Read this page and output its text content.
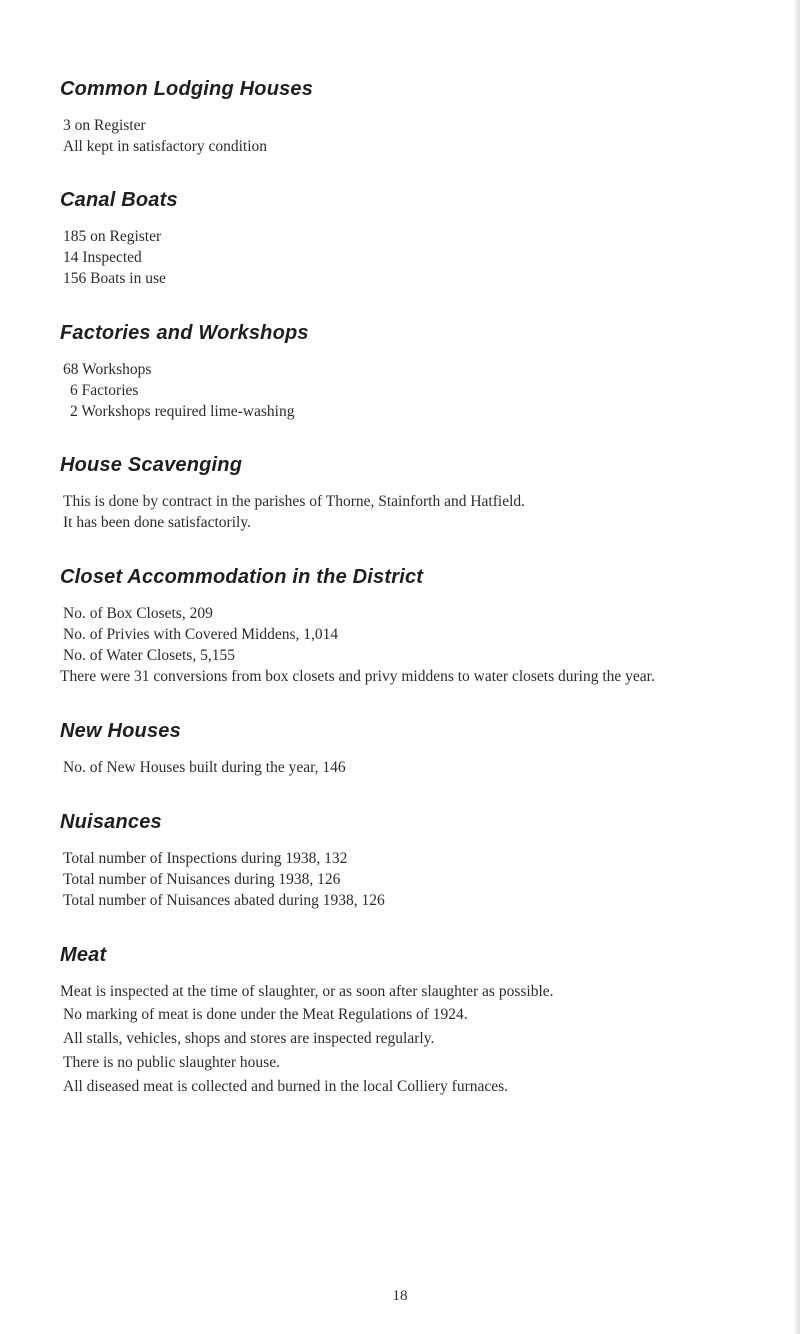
Common Lodging Houses
3 on Register
All kept in satisfactory condition
Canal Boats
185 on Register
14 Inspected
156 Boats in use
Factories and Workshops
68 Workshops
6 Factories
2 Workshops required lime-washing
House Scavenging
This is done by contract in the parishes of Thorne, Stainforth and Hatfield.
It has been done satisfactorily.
Closet Accommodation in the District
No. of Box Closets, 209
No. of Privies with Covered Middens, 1,014
No. of Water Closets, 5,155
There were 31 conversions from box closets and privy middens to water closets during the year.
New Houses
No. of New Houses built during the year, 146
Nuisances
Total number of Inspections during 1938, 132
Total number of Nuisances during 1938, 126
Total number of Nuisances abated during 1938, 126
Meat
Meat is inspected at the time of slaughter, or as soon after slaughter as possible.
No marking of meat is done under the Meat Regulations of 1924.
All stalls, vehicles, shops and stores are inspected regularly.
There is no public slaughter house.
All diseased meat is collected and burned in the local Colliery furnaces.
18
